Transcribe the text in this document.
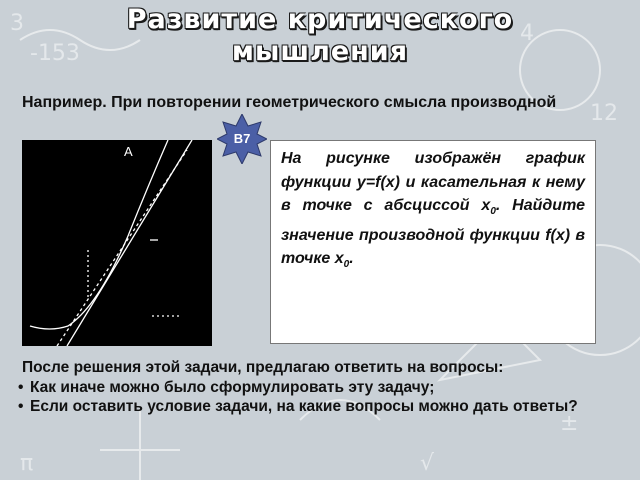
3
-153
4
12
π	√
±
Развитие критического
мышления
Например. При повторении геометрического смысла производной
A
В7
На рисунке изображён график функции y=f(x) и касательная к нему в точке с абсциссой $x_0$. Найдите значение производной функции f(x) в точке $x_0$.
После решения этой задачи, предлагаю ответить на вопросы:
• Как иначе можно было сформулировать эту задачу;
• Если оставить условие задачи, на какие вопросы можно дать ответы?
